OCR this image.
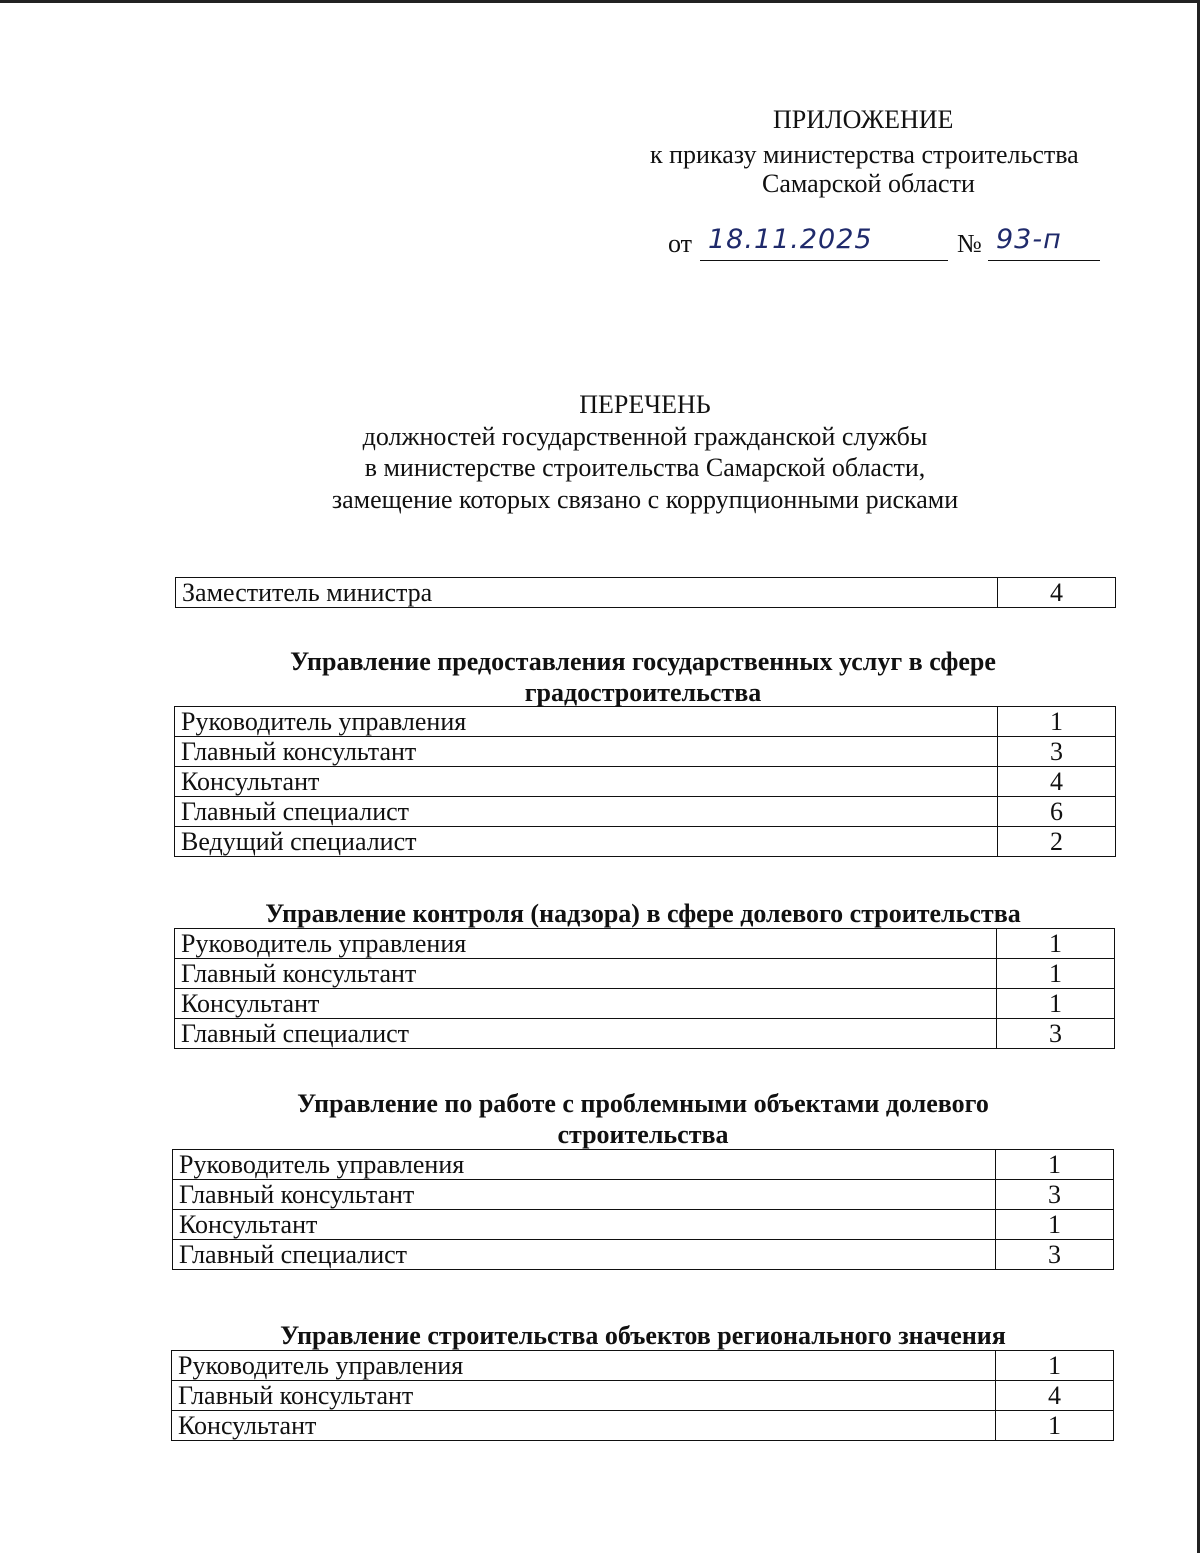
ПРИЛОЖЕНИЕ
к приказу министерства строительства
Самарской области
от 18.11.2025	№ 93-п
ПЕРЕЧЕНЬ
должностей государственной гражданской службы
в министерстве строительства Самарской области,
замещение которых связано с коррупционными рисками
Заместитель министра	4
Управление предоставления государственных услуг в сфере
градостроительства
Руководитель управления	1
Главный консультант	3
Консультант	4
Главный специалист	6
Ведущий специалист	2
Управление контроля (надзора) в сфере долевого строительства
Руководитель управления	1
Главный консультант	1
Консультант	1
Главный специалист	3
Управление по работе с проблемными объектами долевого
строительства
Руководитель управления	1
Главный консультант	3
Консультант	1
Главный специалист	3
Управление строительства объектов регионального значения
Руководитель управления	1
Главный консультант	4
Консультант	1
